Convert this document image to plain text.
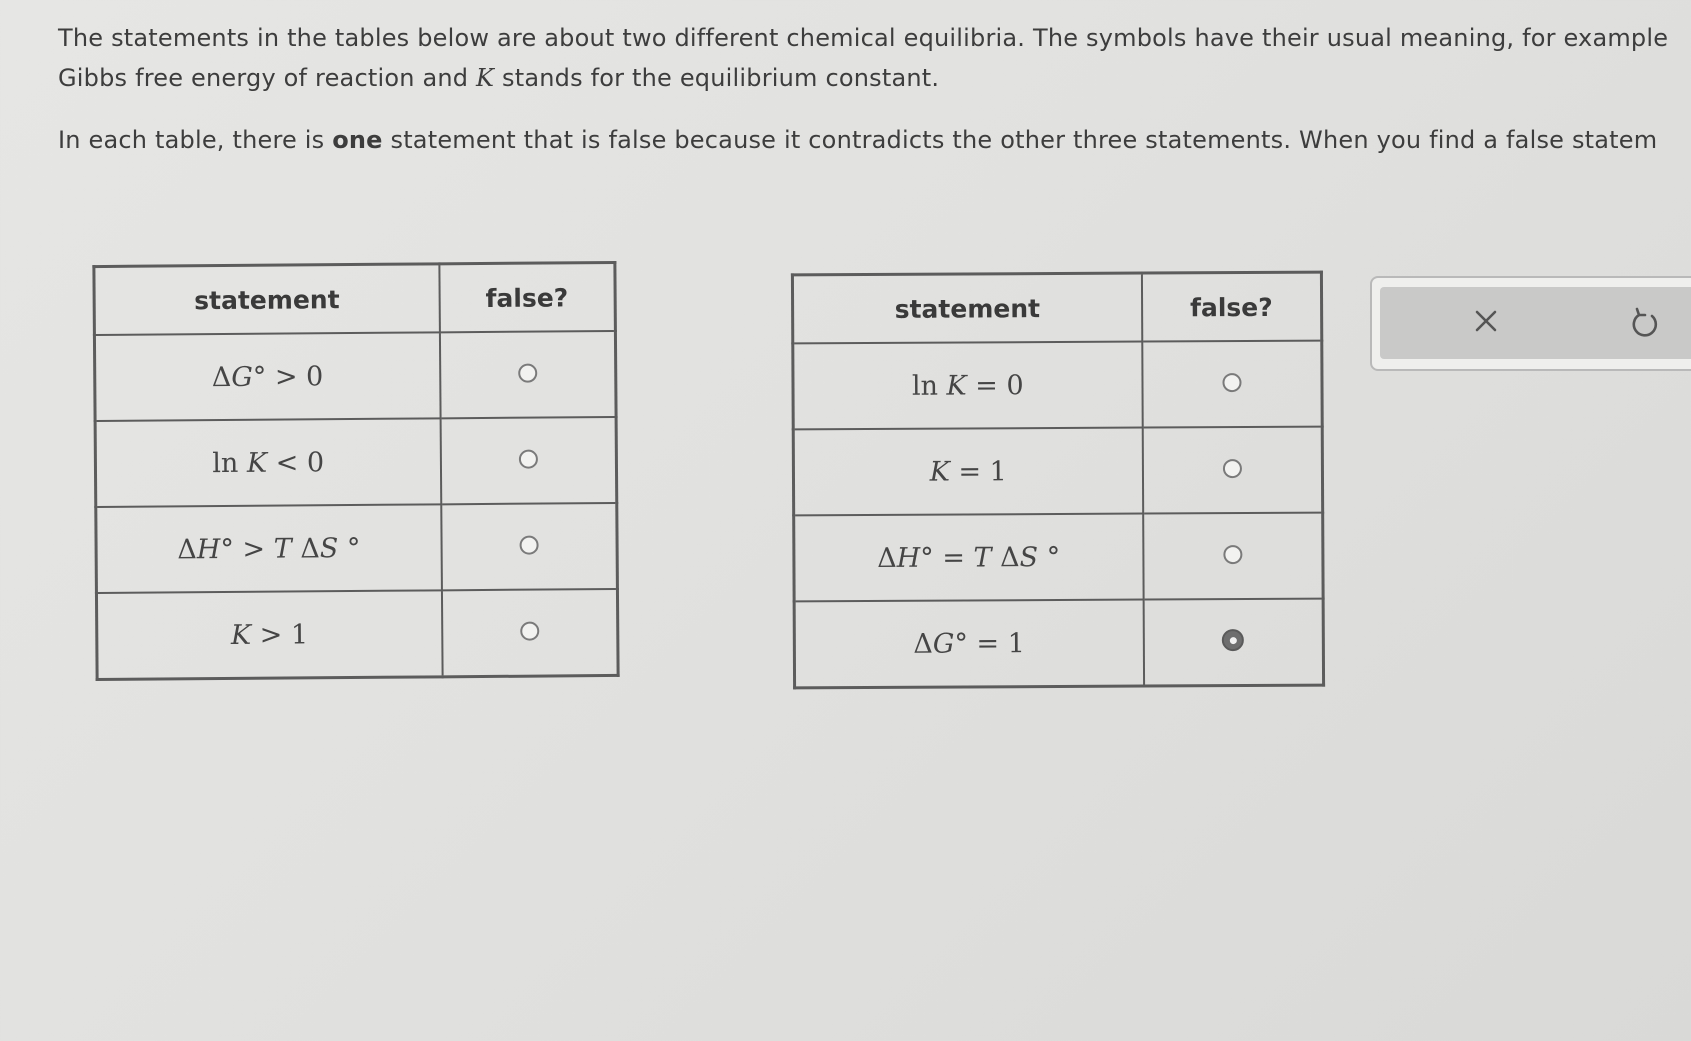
The statements in the tables below are about two different chemical equilibria. The symbols have their usual meaning, for example

Gibbs free energy of reaction and K stands for the equilibrium constant.

In each table, there is one statement that is false because it contradicts the other three statements. When you find a false statem

statement	false?
ΔG° > 0	
ln K < 0	
ΔH° > T ΔS °	
K > 1	
statement	false?
ln K = 0	
K = 1	
ΔH° = T ΔS °	
ΔG° = 1	
